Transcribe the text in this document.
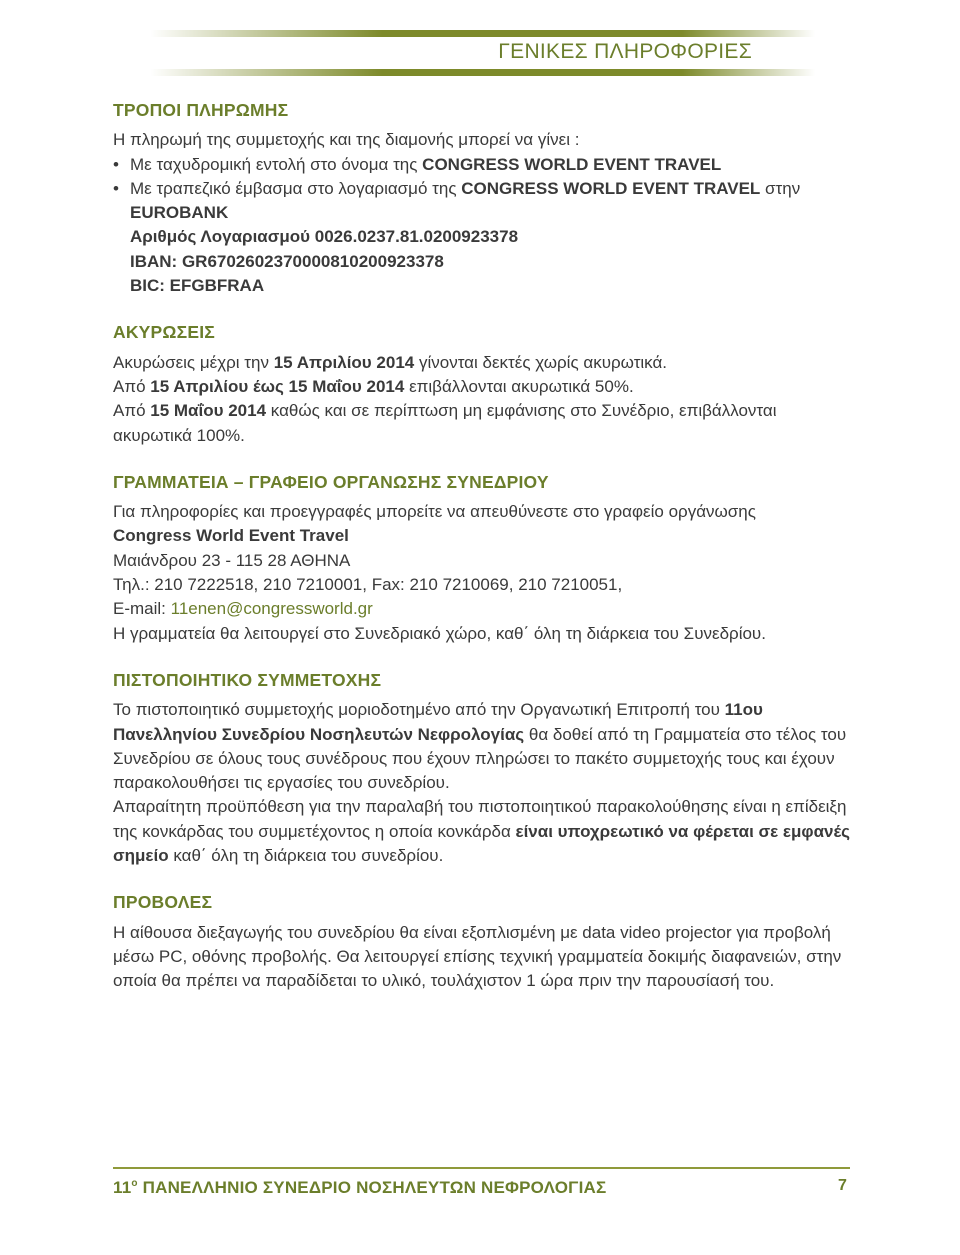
ΓΕΝΙΚΕΣ ΠΛΗΡΟΦΟΡΙΕΣ
ΤΡΟΠΟΙ ΠΛΗΡΩΜΗΣ

Η πληρωμή της συμμετοχής και της διαμονής μπορεί να γίνει :

• Με ταχυδρομική εντολή στο όνομα της CONGRESS WORLD EVENT TRAVEL
• Με τραπεζικό έμβασμα στο λογαριασμό της CONGRESS WORLD EVENT TRAVEL στην

EUROBANK

Αριθμός Λογαριασμού 0026.0237.81.0200923378

IBAN: GR6702602370000810200923378

BIC: EFGBFRAA

ΑΚΥΡΩΣΕΙΣ

Ακυρώσεις μέχρι την 15 Απριλίου 2014 γίνονται δεκτές χωρίς ακυρωτικά.

Από 15 Απριλίου έως 15 Μαΐου 2014 επιβάλλονται ακυρωτικά 50%.

Από 15 Μαΐου 2014 καθώς και σε περίπτωση μη εμφάνισης στο Συνέδριο, επιβάλλονται ακυρωτικά 100%.

ΓΡΑΜΜΑΤΕΙΑ – ΓΡΑΦΕΙΟ ΟΡΓΑΝΩΣΗΣ ΣΥΝΕΔΡΙΟΥ

Για πληροφορίες και προεγγραφές μπορείτε να απευθύνεστε στο γραφείο οργάνωσης

Congress World Event Travel

Μαιάνδρου 23 - 115 28 ΑΘΗΝΑ

Τηλ.: 210 7222518, 210 7210001, Fax: 210 7210069, 210 7210051,

E-mail: 11enen@congressworld.gr

Η γραμματεία θα λειτουργεί στο Συνεδριακό χώρο, καθ΄ όλη τη διάρκεια του Συνεδρίου.

ΠΙΣΤΟΠΟΙΗΤΙΚΟ ΣΥΜΜΕΤΟΧΗΣ

Το πιστοποιητικό συμμετοχής μοριοδοτημένο από την Οργανωτική Επιτροπή του 11ου Πανελληνίου Συνεδρίου Νοσηλευτών Νεφρολογίας θα δοθεί από τη Γραμματεία στο τέλος του Συνεδρίου σε όλους τους συνέδρους που έχουν πληρώσει το πακέτο συμμετοχής τους και έχουν παρακολουθήσει τις εργασίες του συνεδρίου.

Απαραίτητη προϋπόθεση για την παραλαβή του πιστοποιητικού παρακολούθησης είναι η επίδειξη της κονκάρδας του συμμετέχοντος η οποία κονκάρδα είναι υποχρεωτικό να φέρεται σε εμφανές σημείο καθ΄ όλη τη διάρκεια του συνεδρίου.

ΠΡΟΒΟΛΕΣ

Η αίθουσα διεξαγωγής του συνεδρίου θα είναι εξοπλισμένη με data video projector για προβολή μέσω PC, οθόνης προβολής. Θα λειτουργεί επίσης τεχνική γραμματεία δοκιμής διαφανειών, στην οποία θα πρέπει να παραδίδεται το υλικό, τουλάχιστον 1 ώρα πριν την παρουσίασή του.

$11^o$ ΠΑΝΕΛΛΗΝΙΟ ΣΥΝΕΔΡΙΟ ΝΟΣΗΛΕΥΤΩΝ ΝΕΦΡΟΛΟΓΙΑΣ	7
